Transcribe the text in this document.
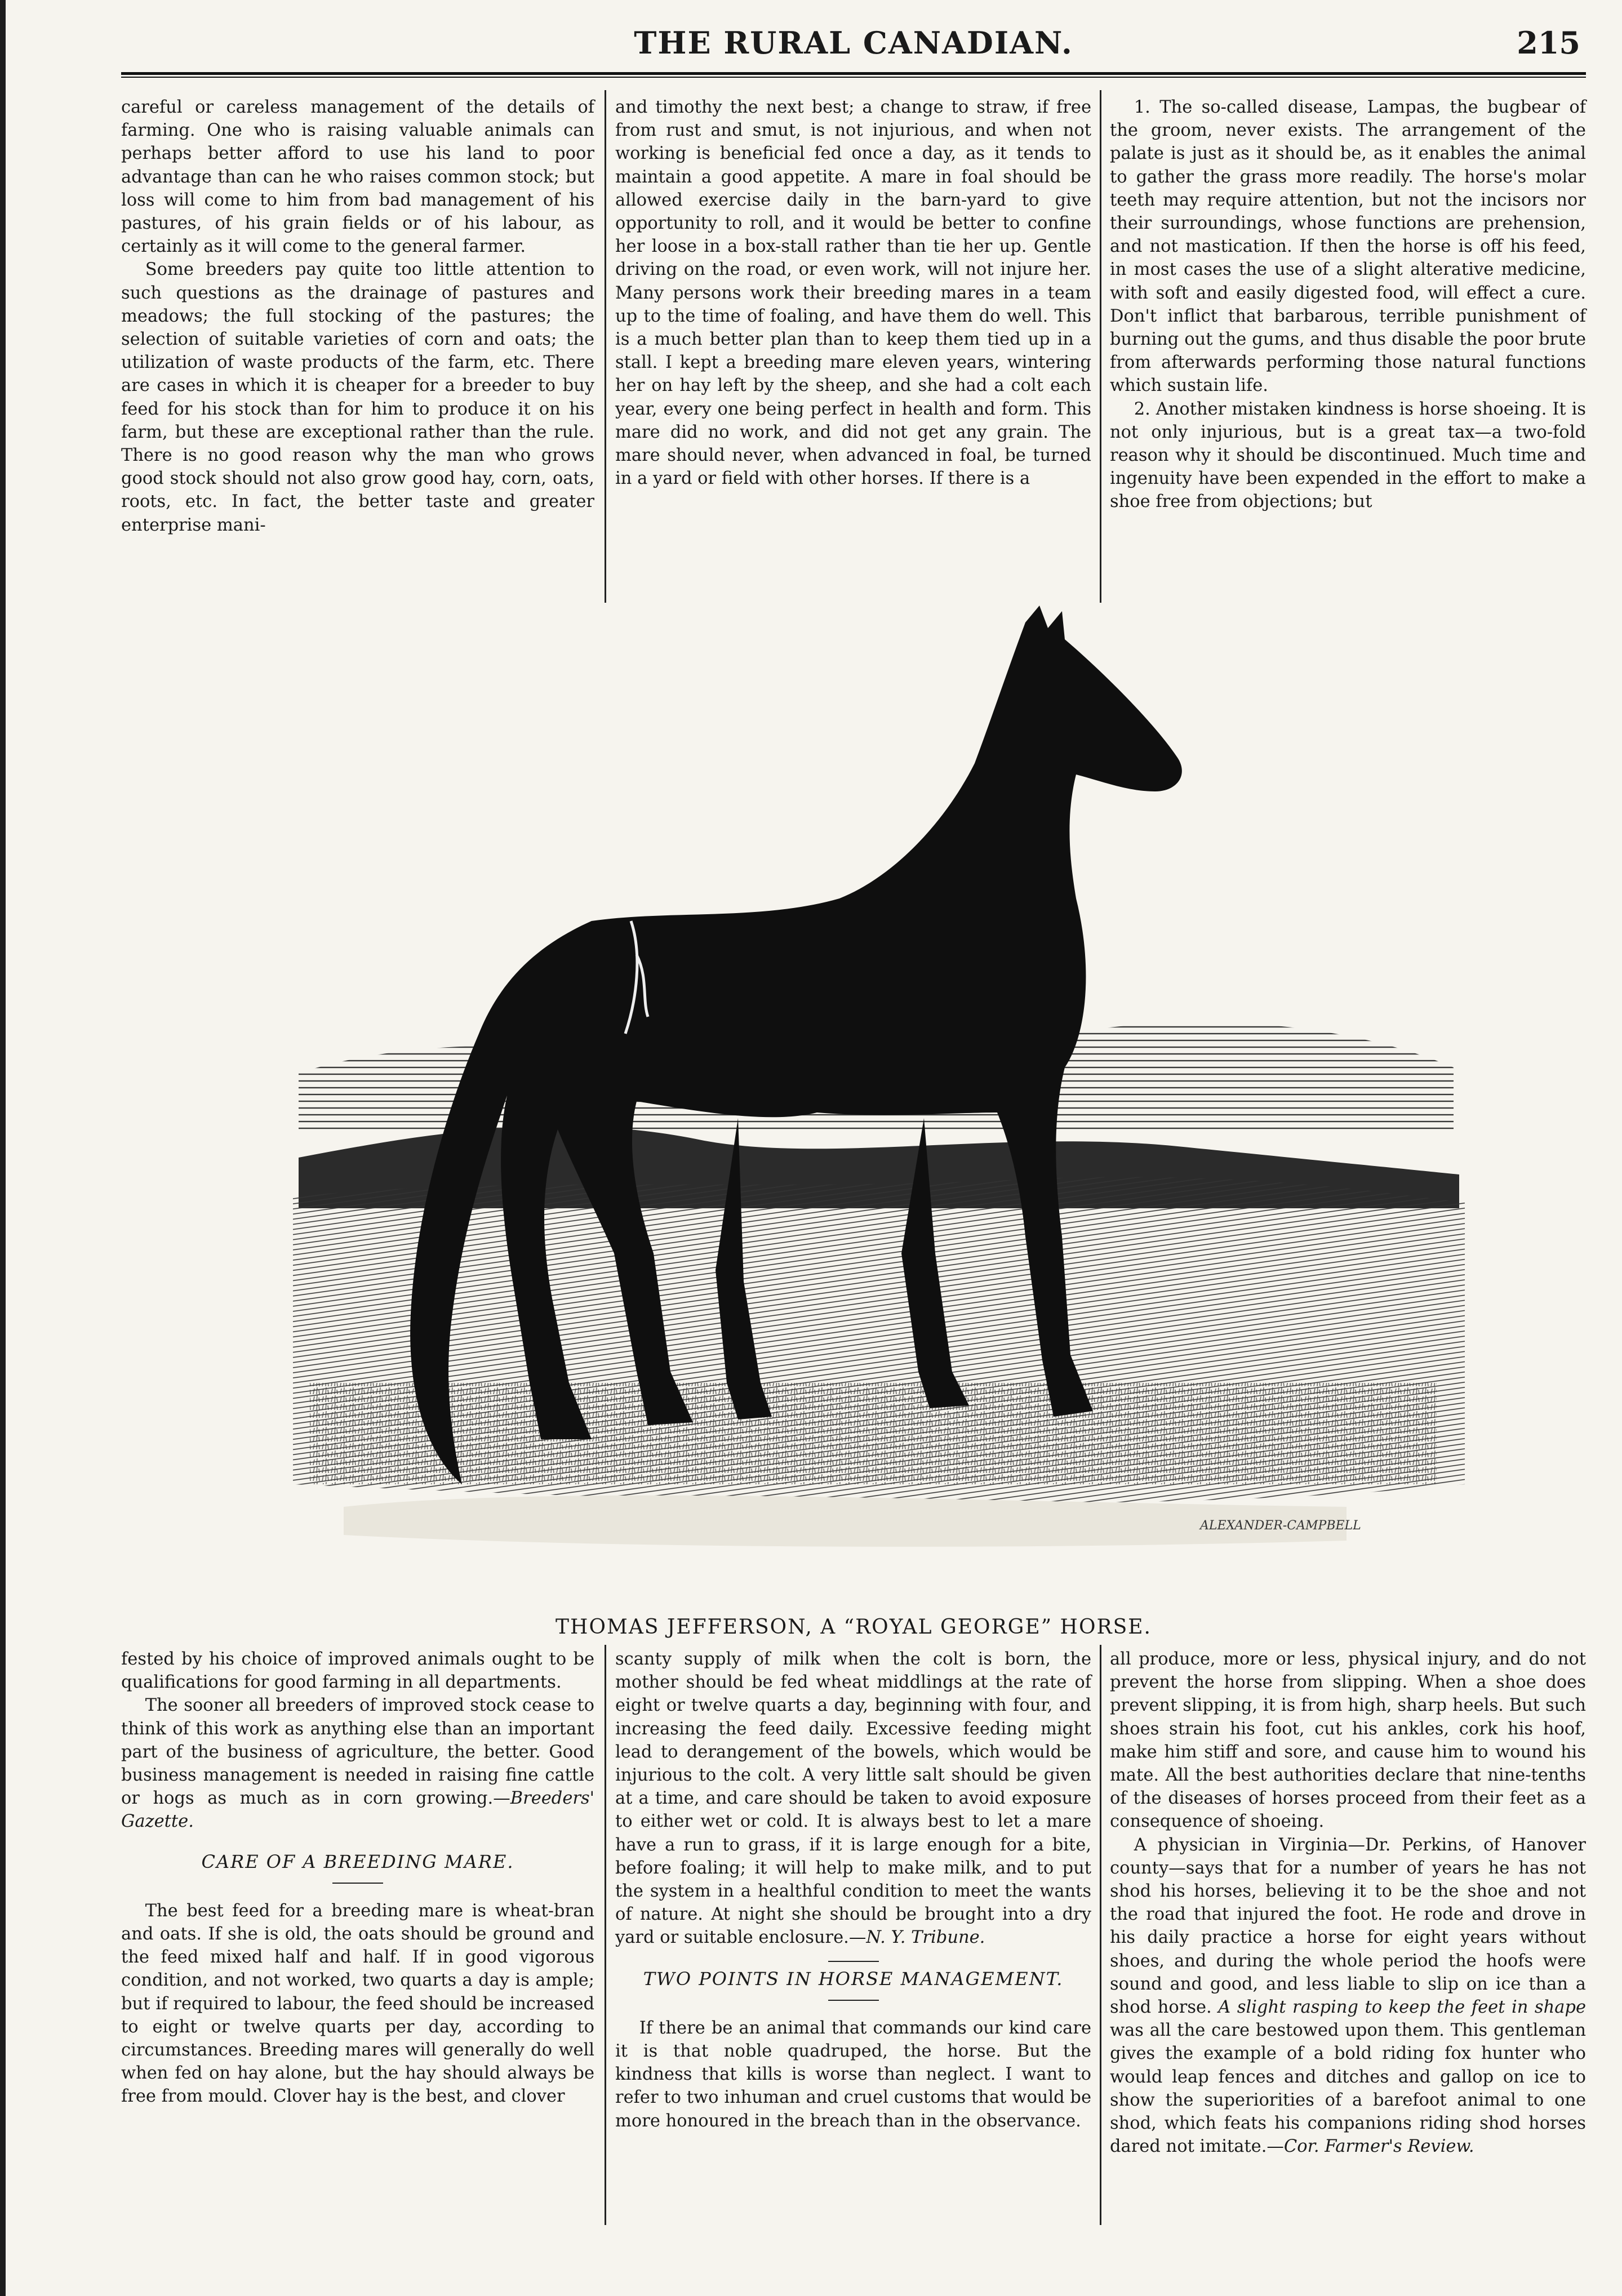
THE RURAL CANADIAN.	215

careful or careless management of the details of farming. One who is raising valuable animals can perhaps better afford to use his land to poor advantage than can he who raises common stock; but loss will come to him from bad management of his pastures, of his grain fields or of his labour, as certainly as it will come to the general farmer.

Some breeders pay quite too little attention to such questions as the drainage of pastures and meadows; the full stocking of the pastures; the selection of suitable varieties of corn and oats; the utilization of waste products of the farm, etc. There are cases in which it is cheaper for a breeder to buy feed for his stock than for him to produce it on his farm, but these are exceptional rather than the rule. There is no good reason why the man who grows good stock should not also grow good hay, corn, oats, roots, etc. In fact, the better taste and greater enterprise mani-

and timothy the next best; a change to straw, if free from rust and smut, is not injurious, and when not working is beneficial fed once a day, as it tends to maintain a good appetite. A mare in foal should be allowed exercise daily in the barn-yard to give opportunity to roll, and it would be better to confine her loose in a box-stall rather than tie her up. Gentle driving on the road, or even work, will not injure her. Many persons work their breeding mares in a team up to the time of foaling, and have them do well. This is a much better plan than to keep them tied up in a stall. I kept a breeding mare eleven years, wintering her on hay left by the sheep, and she had a colt each year, every one being perfect in health and form. This mare did no work, and did not get any grain. The mare should never, when advanced in foal, be turned in a yard or field with other horses. If there is a

1. The so-called disease, Lampas, the bugbear of the groom, never exists. The arrangement of the palate is just as it should be, as it enables the animal to gather the grass more readily. The horse's molar teeth may require attention, but not the incisors nor their surroundings, whose functions are prehension, and not mastication. If then the horse is off his feed, in most cases the use of a slight alterative medicine, with soft and easily digested food, will effect a cure. Don't inflict that barbarous, terrible punishment of burning out the gums, and thus disable the poor brute from afterwards performing those natural functions which sustain life.

2. Another mistaken kindness is horse shoeing. It is not only injurious, but is a great tax—a two-fold reason why it should be discontinued. Much time and ingenuity have been expended in the effort to make a shoe free from objections; but

ALEXANDER-CAMPBELL
THOMAS JEFFERSON, A “ROYAL GEORGE” HORSE.

fested by his choice of improved animals ought to be qualifications for good farming in all departments.

The sooner all breeders of improved stock cease to think of this work as anything else than an important part of the business of agriculture, the better. Good business management is needed in raising fine cattle or hogs as much as in corn growing.—Breeders' Gazette.

CARE OF A BREEDING MARE.

The best feed for a breeding mare is wheat-bran and oats. If she is old, the oats should be ground and the feed mixed half and half. If in good vigorous condition, and not worked, two quarts a day is ample; but if required to labour, the feed should be increased to eight or twelve quarts per day, according to circumstances. Breeding mares will generally do well when fed on hay alone, but the hay should always be free from mould. Clover hay is the best, and clover

scanty supply of milk when the colt is born, the mother should be fed wheat middlings at the rate of eight or twelve quarts a day, beginning with four, and increasing the feed daily. Excessive feeding might lead to derangement of the bowels, which would be injurious to the colt. A very little salt should be given at a time, and care should be taken to avoid exposure to either wet or cold. It is always best to let a mare have a run to grass, if it is large enough for a bite, before foaling; it will help to make milk, and to put the system in a healthful condition to meet the wants of nature. At night she should be brought into a dry yard or suitable enclosure.—N. Y. Tribune.

TWO POINTS IN HORSE MANAGEMENT.

If there be an animal that commands our kind care it is that noble quadruped, the horse. But the kindness that kills is worse than neglect. I want to refer to two inhuman and cruel customs that would be more honoured in the breach than in the observance.

all produce, more or less, physical injury, and do not prevent the horse from slipping. When a shoe does prevent slipping, it is from high, sharp heels. But such shoes strain his foot, cut his ankles, cork his hoof, make him stiff and sore, and cause him to wound his mate. All the best authorities declare that nine-tenths of the diseases of horses proceed from their feet as a consequence of shoeing.

A physician in Virginia—Dr. Perkins, of Hanover county—says that for a number of years he has not shod his horses, believing it to be the shoe and not the road that injured the foot. He rode and drove in his daily practice a horse for eight years without shoes, and during the whole period the hoofs were sound and good, and less liable to slip on ice than a shod horse. A slight rasping to keep the feet in shape was all the care bestowed upon them. This gentleman gives the example of a bold riding fox hunter who would leap fences and ditches and gallop on ice to show the superiorities of a barefoot animal to one shod, which feats his companions riding shod horses dared not imitate.—Cor. Farmer's Review.
